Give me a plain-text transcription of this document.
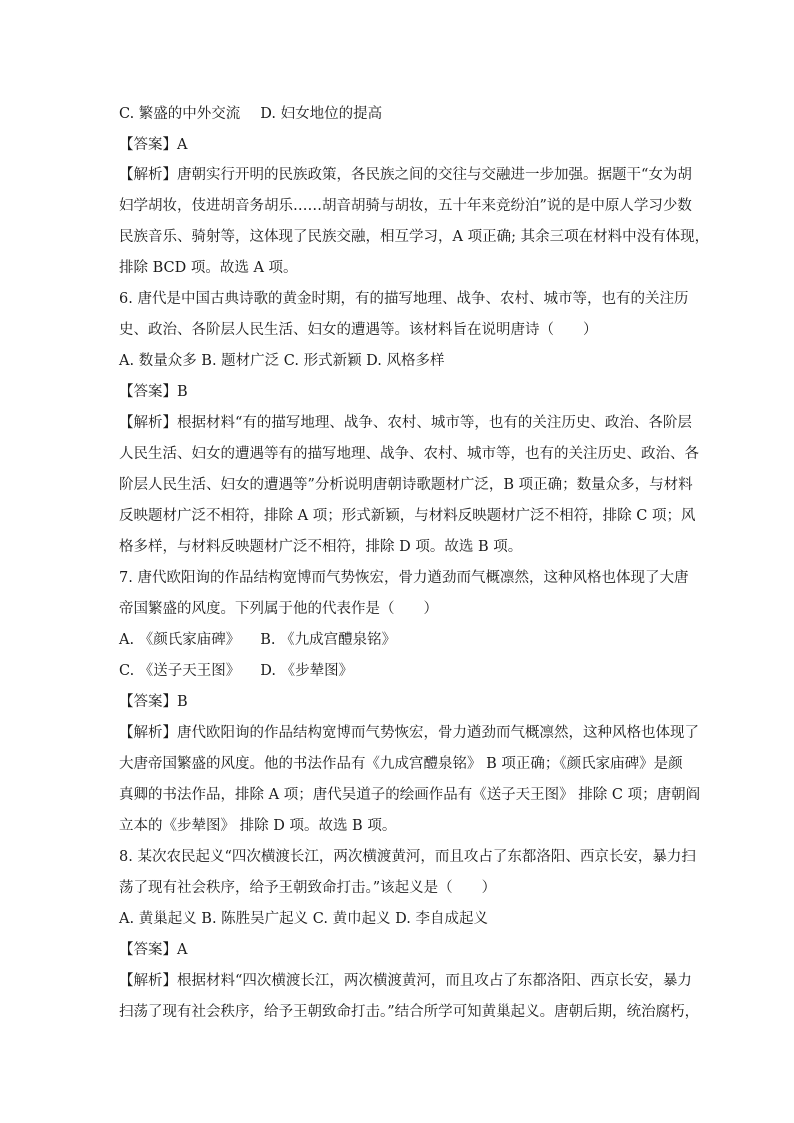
C. 繁盛的中外交流 D. 妇女地位的提高
【答案】A
【解析】唐朝实行开明的民族政策，各民族之间的交往与交融进一步加强。据题干“女为胡
妇学胡妆，伎进胡音务胡乐……胡音胡骑与胡妆，五十年来竞纷泊”说的是中原人学习少数
民族音乐、骑射等，这体现了民族交融，相互学习，A 项正确; 其余三项在材料中没有体现，
排除 BCD 项。故选 A 项。
6. 唐代是中国古典诗歌的黄金时期，有的描写地理、战争、农村、城市等，也有的关注历
史、政治、各阶层人民生活、妇女的遭遇等。该材料旨在说明唐诗（　　）
A. 数量众多 B. 题材广泛 C. 形式新颖 D. 风格多样
【答案】B
【解析】根据材料“有的描写地理、战争、农村、城市等，也有的关注历史、政治、各阶层
人民生活、妇女的遭遇等有的描写地理、战争、农村、城市等，也有的关注历史、政治、各
阶层人民生活、妇女的遭遇等”分析说明唐朝诗歌题材广泛，B 项正确；数量众多，与材料
反映题材广泛不相符，排除 A 项；形式新颖，与材料反映题材广泛不相符，排除 C 项；风
格多样，与材料反映题材广泛不相符，排除 D 项。故选 B 项。
7. 唐代欧阳询的作品结构宽博而气势恢宏，骨力遒劲而气概凛然，这种风格也体现了大唐
帝国繁盛的风度。下列属于他的代表作是（　　）
A. 《颜氏家庙碑》 B. 《九成宫醴泉铭》
C. 《送子天王图》 D. 《步辇图》
【答案】B
【解析】唐代欧阳询的作品结构宽博而气势恢宏，骨力遒劲而气概凛然，这种风格也体现了
大唐帝国繁盛的风度。他的书法作品有《九成宫醴泉铭》 B 项正确；《颜氏家庙碑》是颜
真卿的书法作品，排除 A 项；唐代吴道子的绘画作品有《送子天王图》 排除 C 项；唐朝阎
立本的《步辇图》 排除 D 项。故选 B 项。
8. 某次农民起义“四次横渡长江，两次横渡黄河，而且攻占了东都洛阳、西京长安，暴力扫
荡了现有社会秩序，给予王朝致命打击。”该起义是（　　）
A. 黄巢起义 B. 陈胜吴广起义 C. 黄巾起义 D. 李自成起义
【答案】A
【解析】根据材料“四次横渡长江，两次横渡黄河，而且攻占了东都洛阳、西京长安，暴力
扫荡了现有社会秩序，给予王朝致命打击。”结合所学可知黄巢起义。唐朝后期，统治腐朽，
